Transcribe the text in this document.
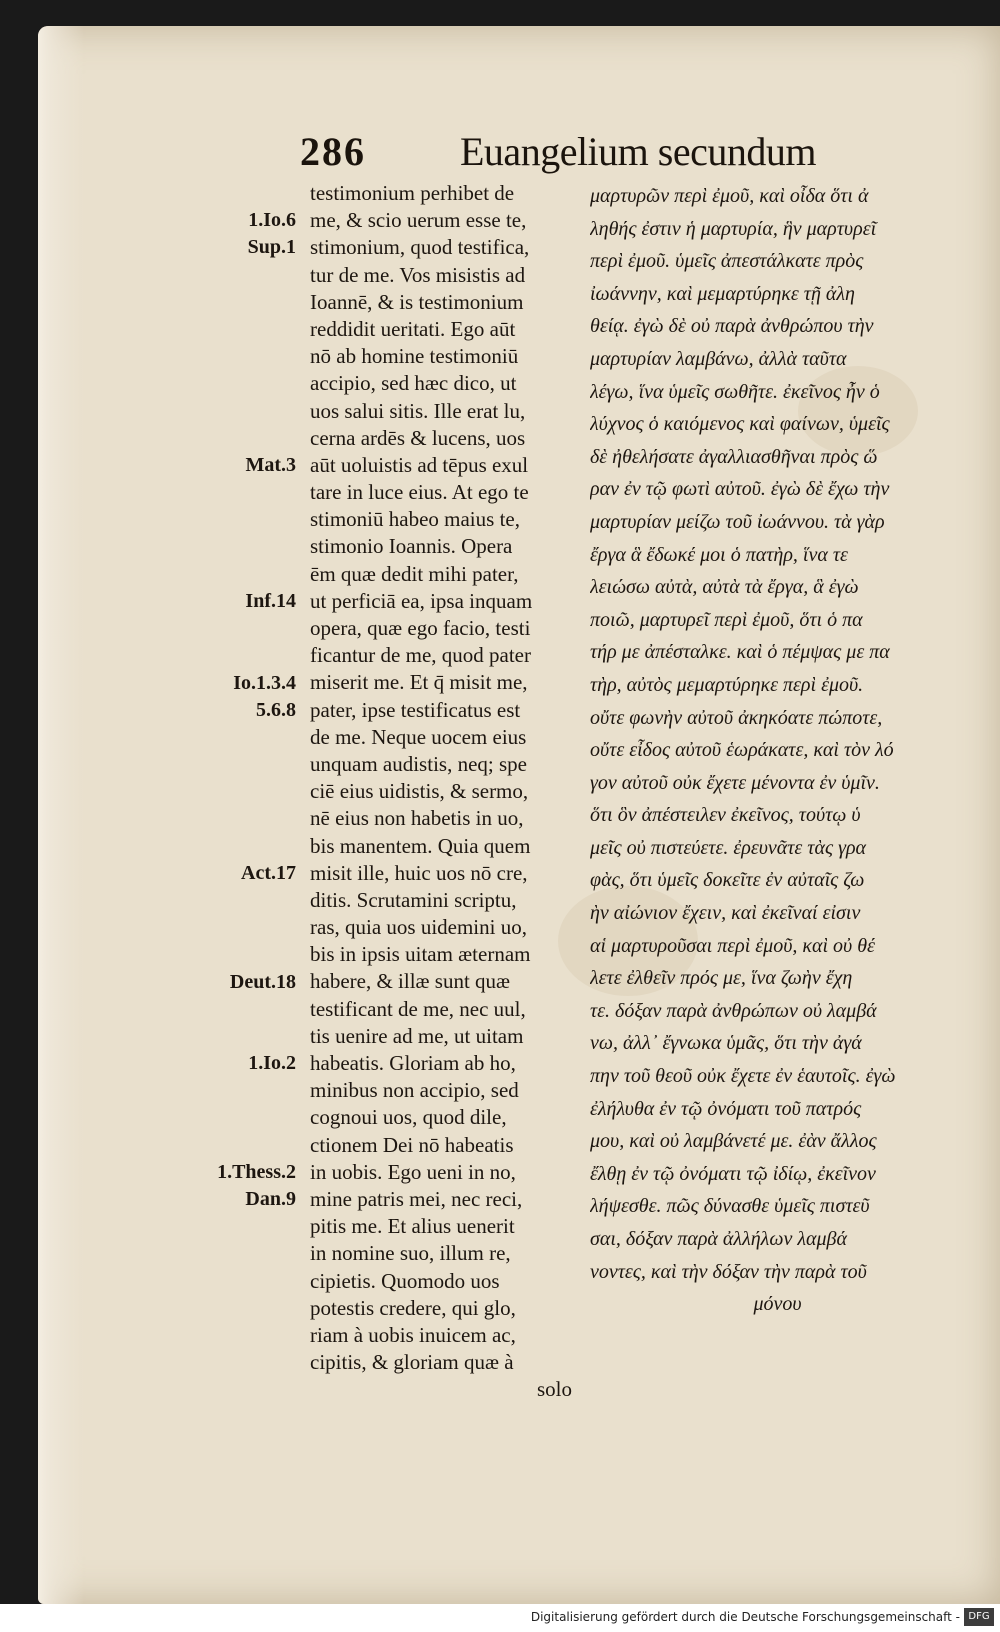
286 Euangelium secundum
testimonium perhibet de
me, & scio uerum esse te,
stimonium, quod testifica,
tur de me. Vos misistis ad
Ioannē, & is testimonium
reddidit ueritati. Ego aūt
nō ab homine testimoniū
accipio, sed hæc dico, ut
uos salui sitis. Ille erat lu,
cerna ardēs & lucens, uos
aūt uoluistis ad tēpus exul
tare in luce eius. At ego te
stimoniū habeo maius te,
stimonio Ioannis. Opera
ēm quæ dedit mihi pater,
ut perficiā ea, ipsa inquam
opera, quæ ego facio, testi
ficantur de me, quod pater
miserit me. Et q̄ misit me,
pater, ipse testificatus est
de me. Neque uocem eius
unquam audistis, neq; spe
ciē eius uidistis, & sermo,
nē eius non habetis in uo,
bis manentem. Quia quem
misit ille, huic uos nō cre,
ditis. Scrutamini scriptu,
ras, quia uos uidemini uo,
bis in ipsis uitam æternam
habere, & illæ sunt quæ
testificant de me, nec uul,
tis uenire ad me, ut uitam
habeatis. Gloriam ab ho,
minibus non accipio, sed
cognoui uos, quod dile,
ctionem Dei nō habeatis
in uobis. Ego ueni in no,
mine patris mei, nec reci,
pitis me. Et alius uenerit
in nomine suo, illum re,
cipietis. Quomodo uos
potestis credere, qui glo,
riam à uobis inuicem ac,
cipitis, & gloriam quæ à
solo
μαρτυρῶν περὶ ἐμοῦ, καὶ οἶδα ὅτι ἀ
ληθής ἐστιν ἡ μαρτυρία, ἣν μαρτυρεῖ
περὶ ἐμοῦ. ὑμεῖς ἀπεστάλκατε πρὸς
ἰωάννην, καὶ μεμαρτύρηκε τῇ ἀλη
θείᾳ. ἐγὼ δὲ οὐ παρὰ ἀνθρώπου τὴν
μαρτυρίαν λαμβάνω, ἀλλὰ ταῦτα
λέγω, ἵνα ὑμεῖς σωθῆτε. ἐκεῖνος ἦν ὁ
λύχνος ὁ καιόμενος καὶ φαίνων, ὑμεῖς
δὲ ἠθελήσατε ἀγαλλιασθῆναι πρὸς ὥ
ραν ἐν τῷ φωτὶ αὐτοῦ. ἐγὼ δὲ ἔχω τὴν
μαρτυρίαν μείζω τοῦ ἰωάννου. τὰ γὰρ
ἔργα ἃ ἔδωκέ μοι ὁ πατὴρ, ἵνα τε
λειώσω αὐτὰ, αὐτὰ τὰ ἔργα, ἃ ἐγὼ
ποιῶ, μαρτυρεῖ περὶ ἐμοῦ, ὅτι ὁ πα
τήρ με ἀπέσταλκε. καὶ ὁ πέμψας με πα
τὴρ, αὐτὸς μεμαρτύρηκε περὶ ἐμοῦ.
οὔτε φωνὴν αὐτοῦ ἀκηκόατε πώποτε,
οὔτε εἶδος αὐτοῦ ἑωράκατε, καὶ τὸν λό
γον αὐτοῦ οὐκ ἔχετε μένοντα ἐν ὑμῖν.
ὅτι ὃν ἀπέστειλεν ἐκεῖνος, τούτῳ ὑ
μεῖς οὐ πιστεύετε. ἐρευνᾶτε τὰς γρα
φὰς, ὅτι ὑμεῖς δοκεῖτε ἐν αὐταῖς ζω
ὴν αἰώνιον ἔχειν, καὶ ἐκεῖναί εἰσιν
αἱ μαρτυροῦσαι περὶ ἐμοῦ, καὶ οὐ θέ
λετε ἐλθεῖν πρός με, ἵνα ζωὴν ἔχη
τε. δόξαν παρὰ ἀνθρώπων οὐ λαμβά
νω, ἀλλ᾽ ἔγνωκα ὑμᾶς, ὅτι τὴν ἀγά
πην τοῦ θεοῦ οὐκ ἔχετε ἐν ἑαυτοῖς. ἐγὼ
ἐλήλυθα ἐν τῷ ὀνόματι τοῦ πατρός
μου, καὶ οὐ λαμβάνετέ με. ἐὰν ἄλλος
ἔλθῃ ἐν τῷ ὀνόματι τῷ ἰδίῳ, ἐκεῖνον
λήψεσθε. πῶς δύνασθε ὑμεῖς πιστεῦ
σαι, δόξαν παρὰ ἀλλήλων λαμβά
νοντες, καὶ τὴν δόξαν τὴν παρὰ τοῦ
μόνου
1.Io.6
Sup.1
Mat.3
Inf.14
Io.1.3.4
5.6.8
Act.17
Deut.18
1.Io.2
1.Thess.2
Dan.9
Digitalisierung gefördert durch die Deutsche Forschungsgemeinschaft - DFG
